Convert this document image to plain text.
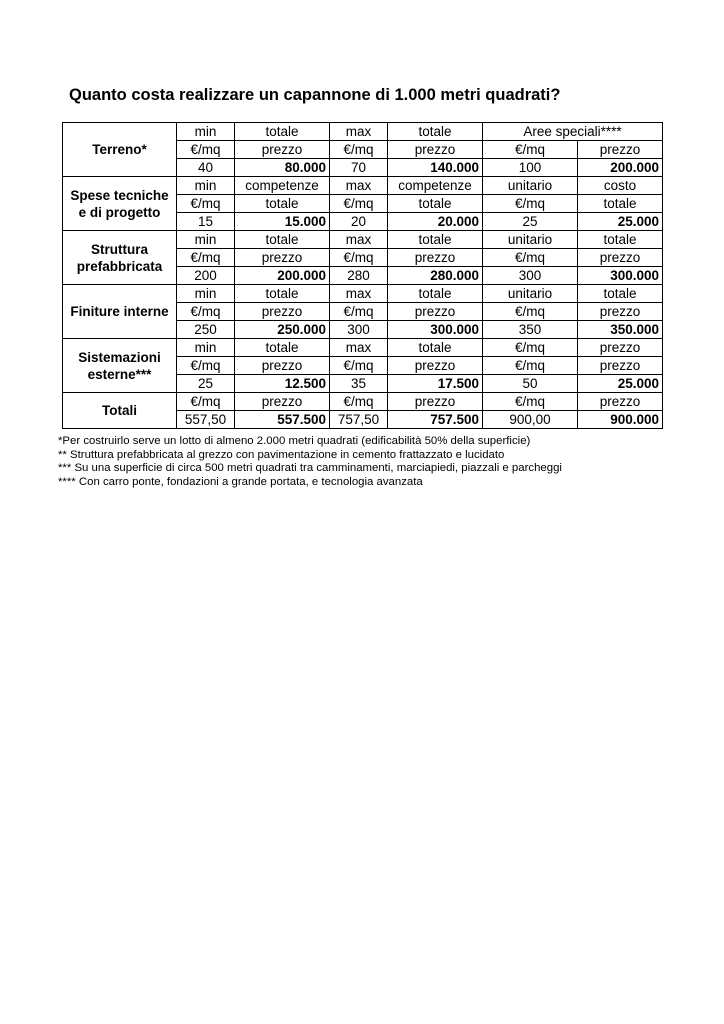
Quanto costa realizzare un capannone di 1.000 metri quadrati?
Terreno*	min	totale	max	totale	Aree speciali****	
	€/mq	prezzo	€/mq	prezzo	€/mq	prezzo
	40	80.000	70	140.000	100	200.000
Spese tecniche e di progetto	min	competenze	max	competenze	unitario	costo
	€/mq	totale	€/mq	totale	€/mq	totale
	15	15.000	20	20.000	25	25.000
Struttura prefabbricata	min	totale	max	totale	unitario	totale
	€/mq	prezzo	€/mq	prezzo	€/mq	prezzo
	200	200.000	280	280.000	300	300.000
Finiture interne	min	totale	max	totale	unitario	totale
	€/mq	prezzo	€/mq	prezzo	€/mq	prezzo
	250	250.000	300	300.000	350	350.000
Sistemazioni esterne***	min	totale	max	totale	€/mq	prezzo
	€/mq	prezzo	€/mq	prezzo	€/mq	prezzo
	25	12.500	35	17.500	50	25.000
Totali	€/mq	prezzo	€/mq	prezzo	€/mq	prezzo
	557,50	557.500	757,50	757.500	900,00	900.000
*Per costruirlo serve un lotto di almeno 2.000 metri quadrati (edificabilità 50% della superficie)
** Struttura prefabbricata al grezzo con pavimentazione in cemento frattazzato e lucidato
*** Su una superficie di circa 500 metri quadrati tra camminamenti, marciapiedi, piazzali e parcheggi
**** Con carro ponte, fondazioni a grande portata, e tecnologia avanzata
